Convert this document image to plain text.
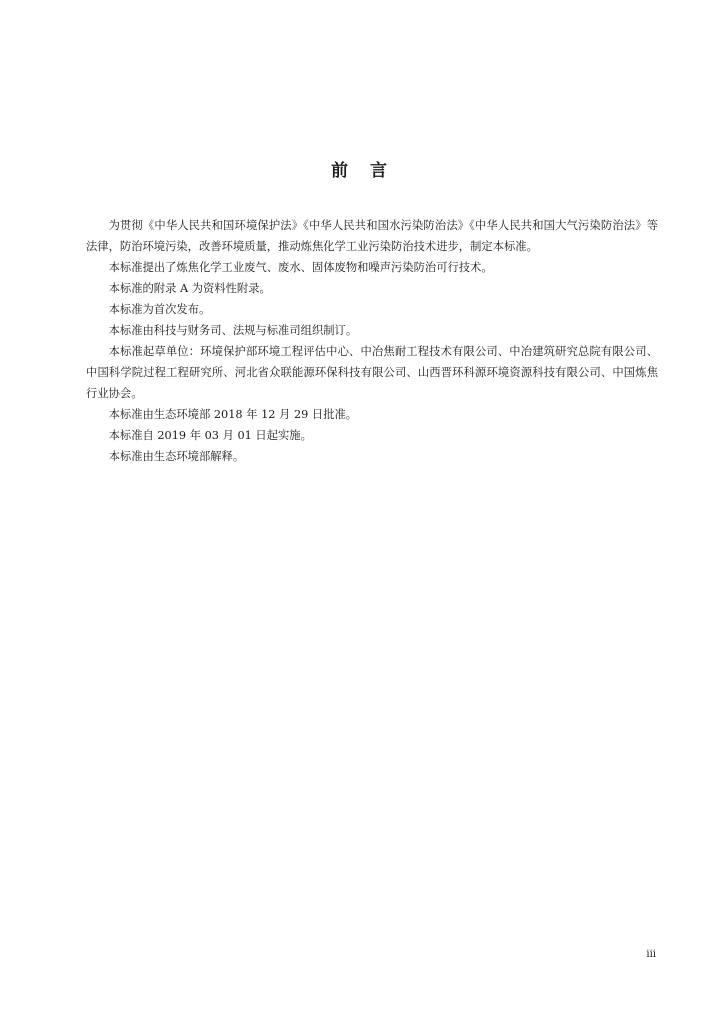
前言

为贯彻《中华人民共和国环境保护法》《中华人民共和国水污染防治法》《中华人民共和国大气污染防治法》等法律，防治环境污染，改善环境质量，推动炼焦化学工业污染防治技术进步，制定本标准。

本标准提出了炼焦化学工业废气、废水、固体废物和噪声污染防治可行技术。

本标准的附录 A 为资料性附录。

本标准为首次发布。

本标准由科技与财务司、法规与标准司组织制订。

本标准起草单位：环境保护部环境工程评估中心、中冶焦耐工程技术有限公司、中冶建筑研究总院有限公司、中国科学院过程工程研究所、河北省众联能源环保科技有限公司、山西晋环科源环境资源科技有限公司、中国炼焦行业协会。

本标准由生态环境部 2018 年 12 月 29 日批准。

本标准自 2019 年 03 月 01 日起实施。

本标准由生态环境部解释。

iii
